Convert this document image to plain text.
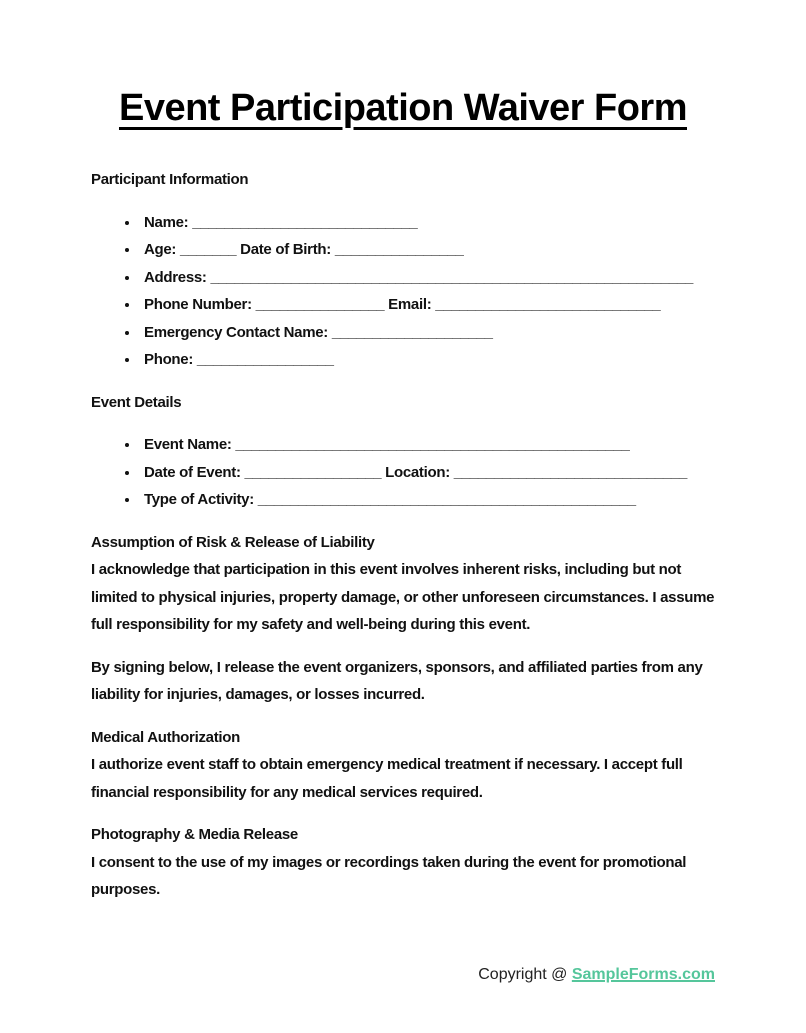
Event Participation Waiver Form
Participant Information
• Name: ____________________________
• Age: _______ Date of Birth: ________________
• Address: ____________________________________________________________
• Phone Number: ________________ Email: ____________________________
• Emergency Contact Name: ____________________
• Phone: _________________
Event Details
• Event Name: _________________________________________________
• Date of Event: _________________ Location: _____________________________
• Type of Activity: _______________________________________________
Assumption of Risk & Release of Liability

I acknowledge that participation in this event involves inherent risks, including but not limited to physical injuries, property damage, or other unforeseen circumstances. I assume full responsibility for my safety and well-being during this event.

By signing below, I release the event organizers, sponsors, and affiliated parties from any liability for injuries, damages, or losses incurred.

Medical Authorization

I authorize event staff to obtain emergency medical treatment if necessary. I accept full financial responsibility for any medical services required.

Photography & Media Release

I consent to the use of my images or recordings taken during the event for promotional purposes.

Copyright @ SampleForms.com
